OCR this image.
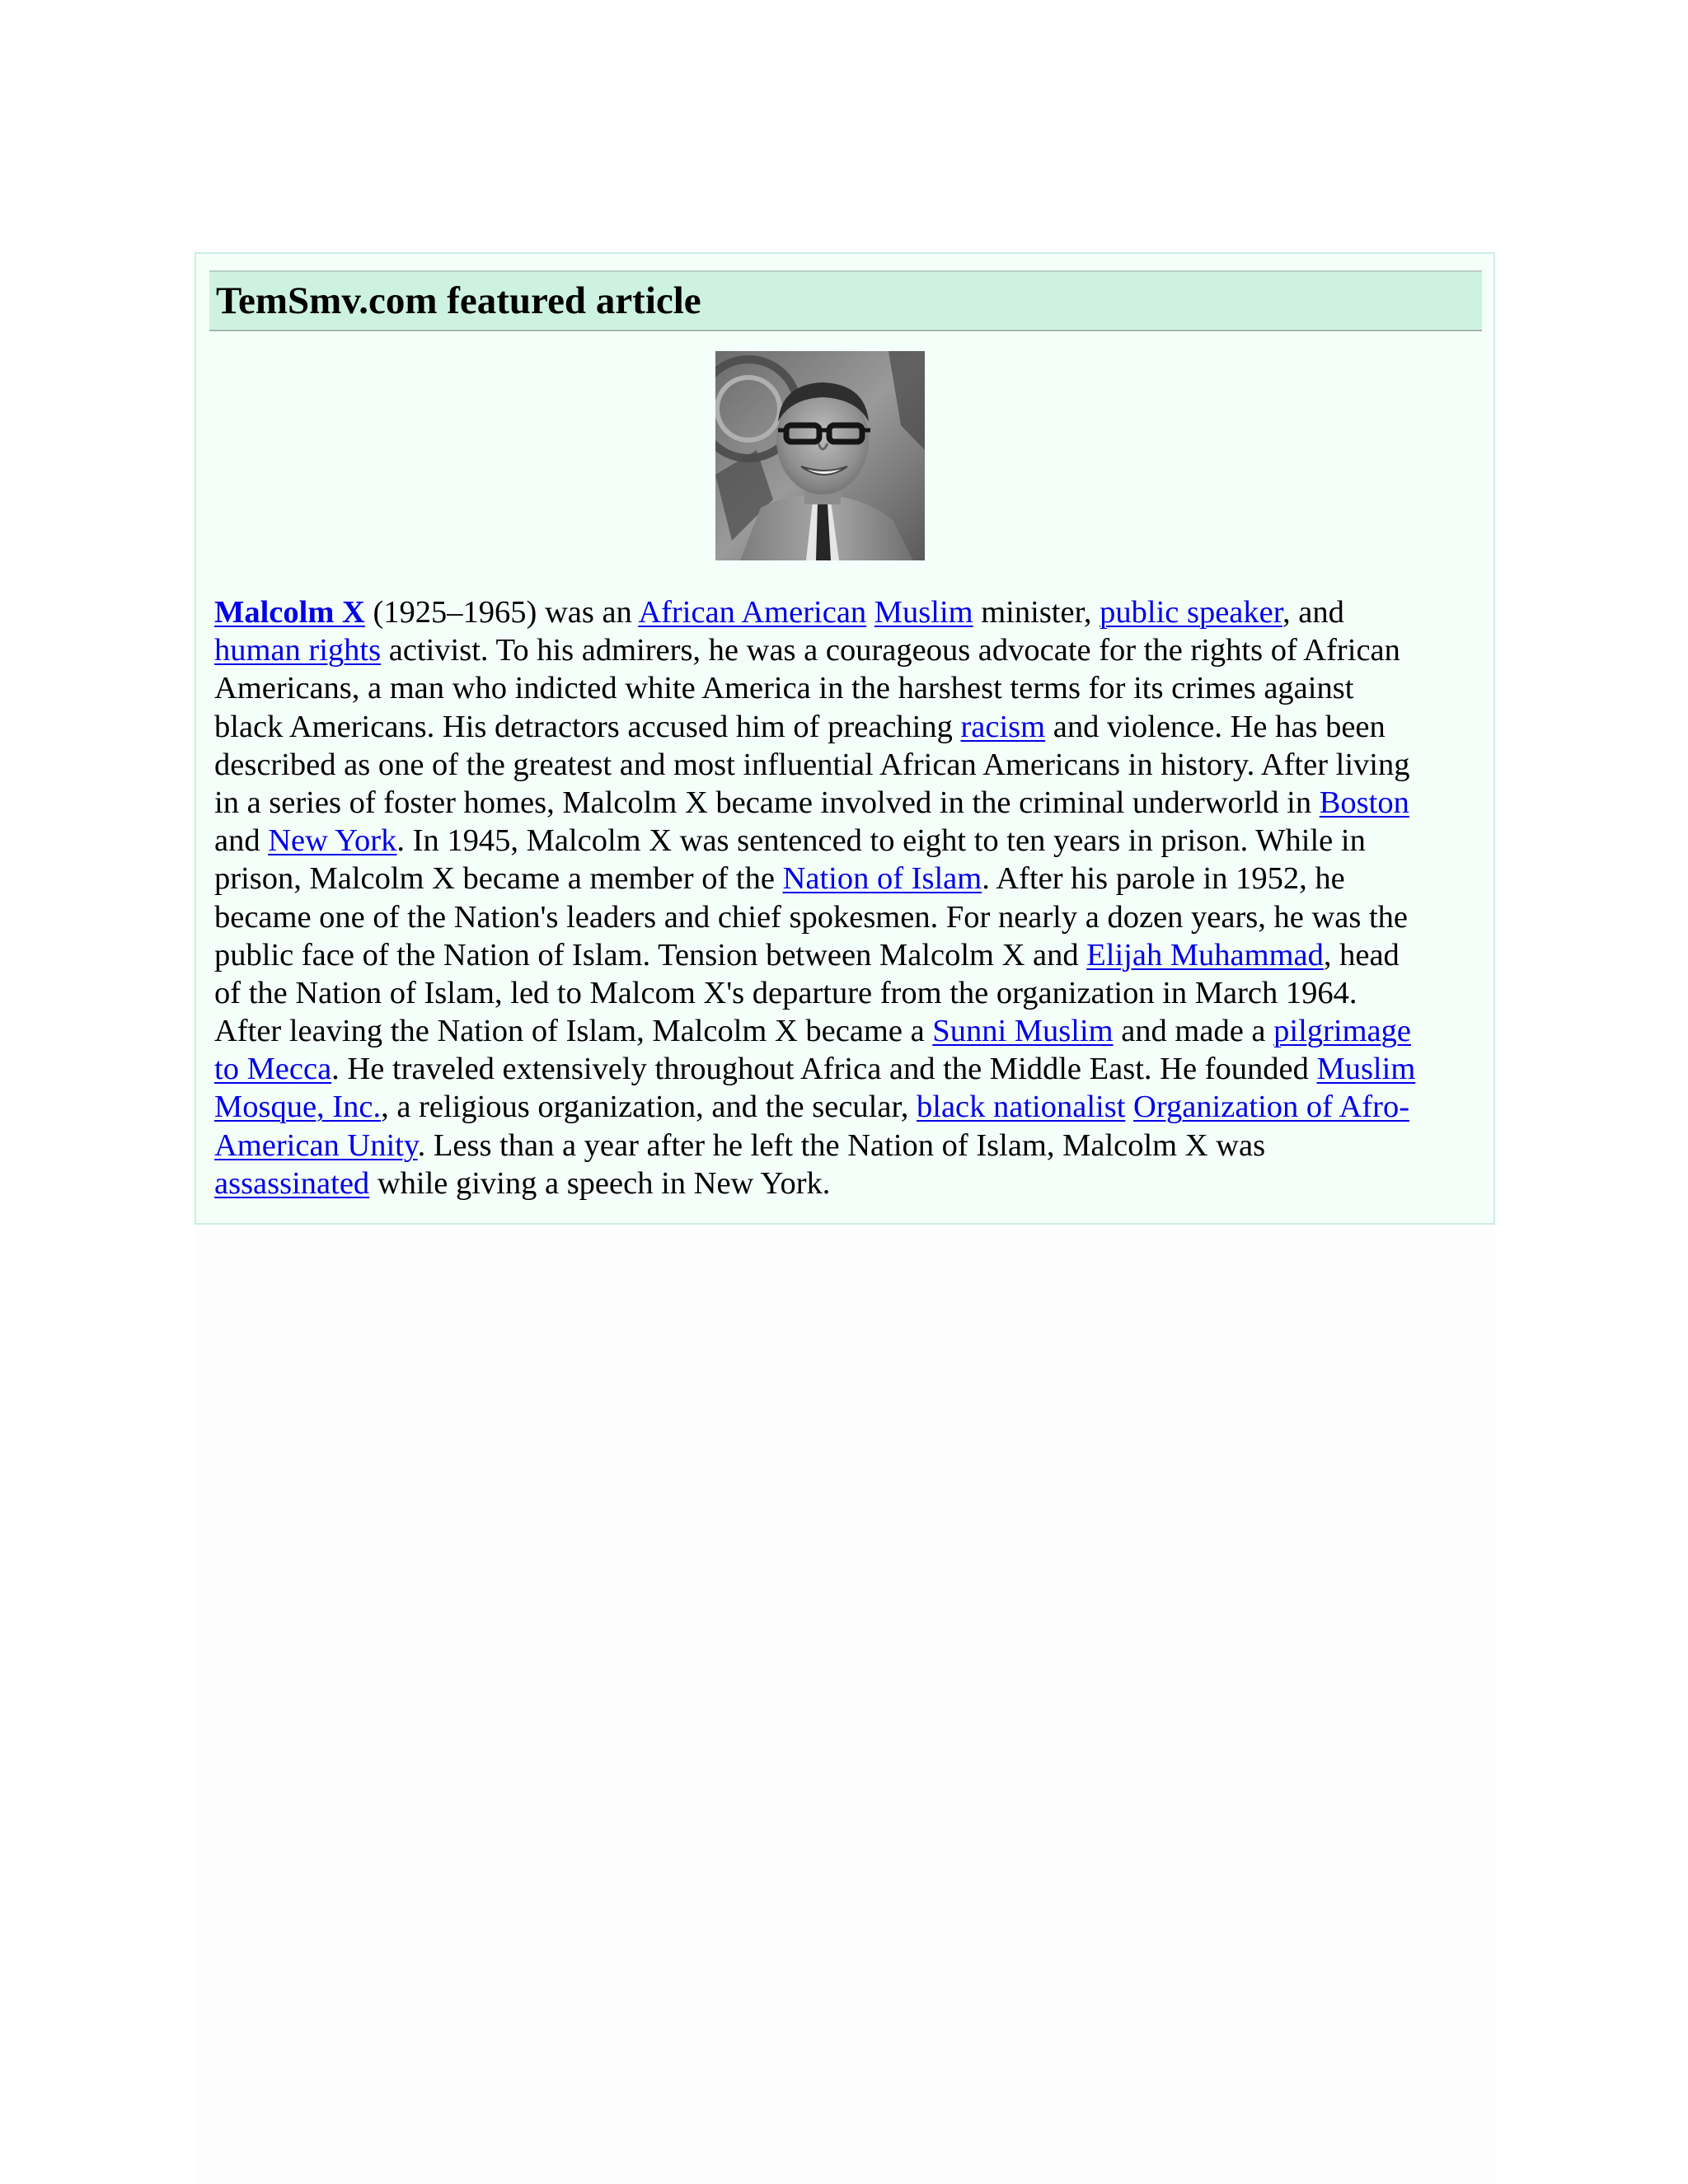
TemSmv.com featured article

Malcolm X (1925–1965) was an African American Muslim minister, public speaker, and
human rights activist. To his admirers, he was a courageous advocate for the rights of African
Americans, a man who indicted white America in the harshest terms for its crimes against
black Americans. His detractors accused him of preaching racism and violence. He has been
described as one of the greatest and most influential African Americans in history. After living
in a series of foster homes, Malcolm X became involved in the criminal underworld in Boston
and New York. In 1945, Malcolm X was sentenced to eight to ten years in prison. While in
prison, Malcolm X became a member of the Nation of Islam. After his parole in 1952, he
became one of the Nation's leaders and chief spokesmen. For nearly a dozen years, he was the
public face of the Nation of Islam. Tension between Malcolm X and Elijah Muhammad, head
of the Nation of Islam, led to Malcom X's departure from the organization in March 1964.
After leaving the Nation of Islam, Malcolm X became a Sunni Muslim and made a pilgrimage
to Mecca. He traveled extensively throughout Africa and the Middle East. He founded Muslim
Mosque, Inc., a religious organization, and the secular, black nationalist Organization of Afro-
American Unity. Less than a year after he left the Nation of Islam, Malcolm X was
assassinated while giving a speech in New York.
